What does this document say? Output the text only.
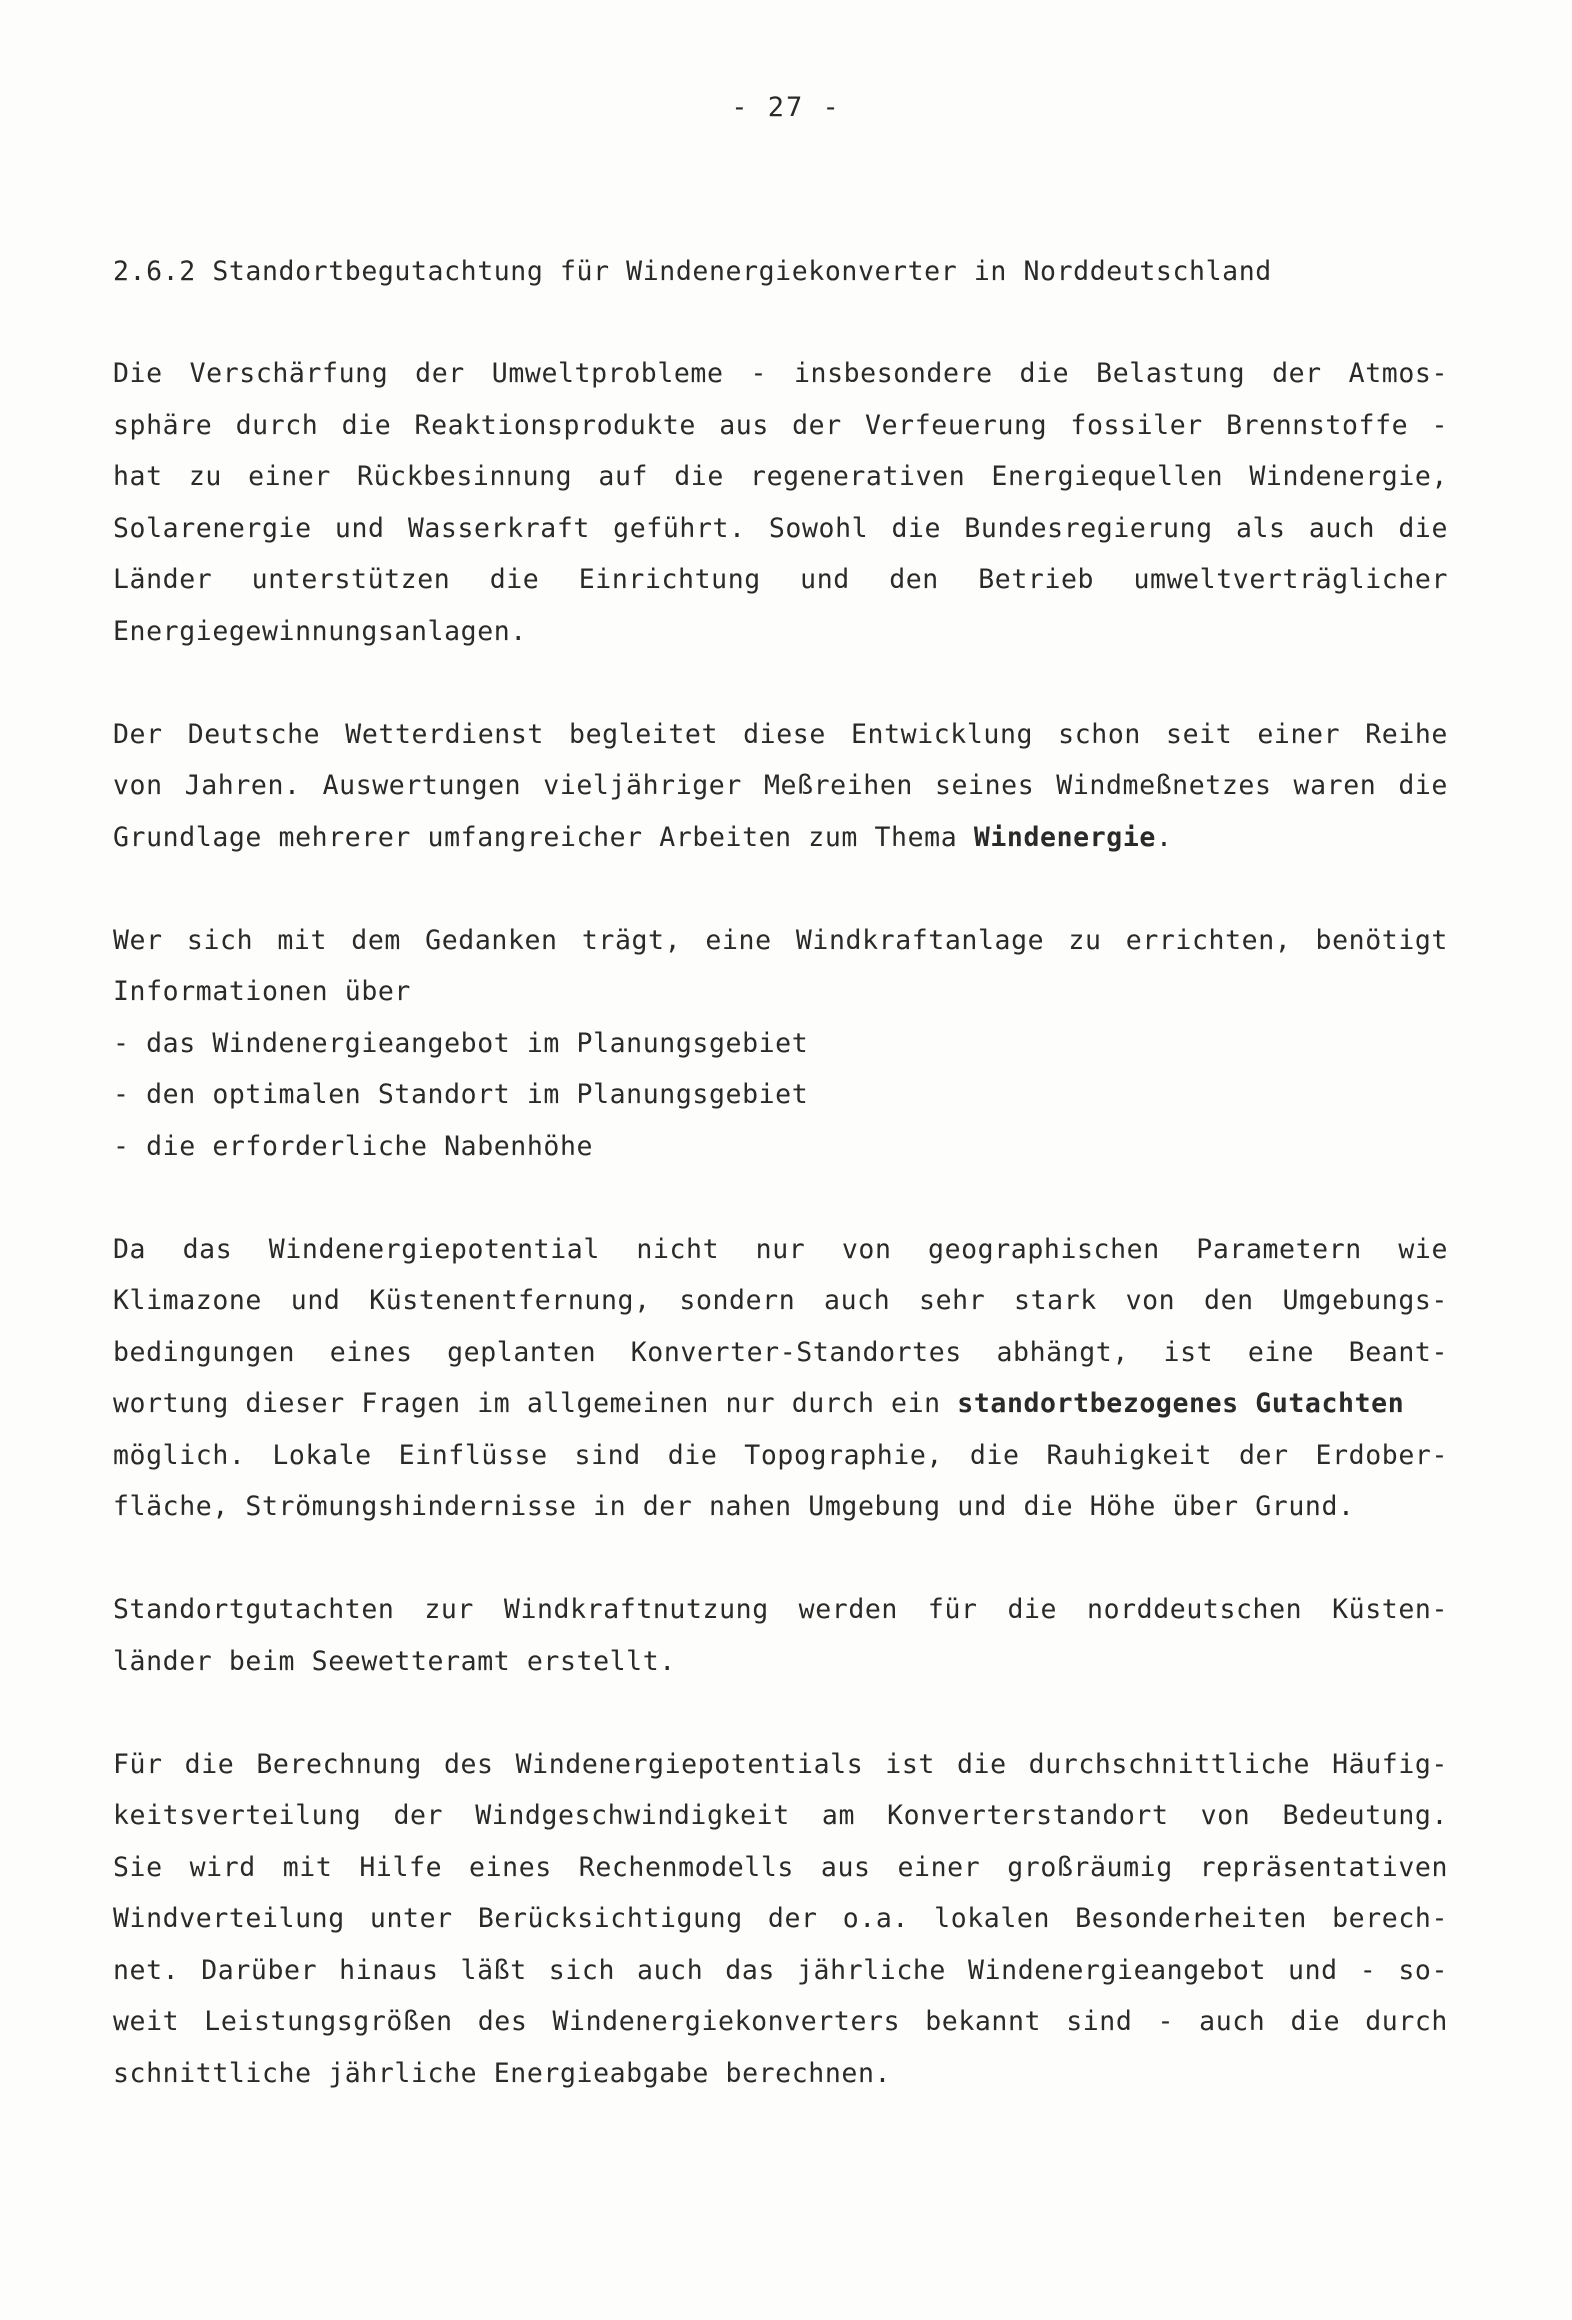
- 27 -
2.6.2 Standortbegutachtung für Windenergiekonverter in Norddeutschland
Die Verschärfung der Umweltprobleme - insbesondere die Belastung der Atmos-
sphäre durch die Reaktionsprodukte aus der Verfeuerung fossiler Brennstoffe -
hat zu einer Rückbesinnung auf die regenerativen Energiequellen Windenergie,
Solarenergie und Wasserkraft geführt. Sowohl die Bundesregierung als auch die
Länder unterstützen die Einrichtung und den Betrieb umweltverträglicher
Energiegewinnungsanlagen.
Der Deutsche Wetterdienst begleitet diese Entwicklung schon seit einer Reihe
von Jahren. Auswertungen vieljähriger Meßreihen seines Windmeßnetzes waren die
Grundlage mehrerer umfangreicher Arbeiten zum Thema Windenergie.
Wer sich mit dem Gedanken trägt, eine Windkraftanlage zu errichten, benötigt
Informationen über
- das Windenergieangebot im Planungsgebiet
- den optimalen Standort im Planungsgebiet
- die erforderliche Nabenhöhe
Da das Windenergiepotential nicht nur von geographischen Parametern wie
Klimazone und Küstenentfernung, sondern auch sehr stark von den Umgebungs-
bedingungen eines geplanten Konverter-Standortes abhängt, ist eine Beant-
wortung dieser Fragen im allgemeinen nur durch ein standortbezogenes Gutachten
möglich. Lokale Einflüsse sind die Topographie, die Rauhigkeit der Erdober-
fläche, Strömungshindernisse in der nahen Umgebung und die Höhe über Grund.
Standortgutachten zur Windkraftnutzung werden für die norddeutschen Küsten-
länder beim Seewetteramt erstellt.
Für die Berechnung des Windenergiepotentials ist die durchschnittliche Häufig-
keitsverteilung der Windgeschwindigkeit am Konverterstandort von Bedeutung.
Sie wird mit Hilfe eines Rechenmodells aus einer großräumig repräsentativen
Windverteilung unter Berücksichtigung der o.a. lokalen Besonderheiten berech-
net. Darüber hinaus läßt sich auch das jährliche Windenergieangebot und - so-
weit Leistungsgrößen des Windenergiekonverters bekannt sind - auch die durch
schnittliche jährliche Energieabgabe berechnen.
